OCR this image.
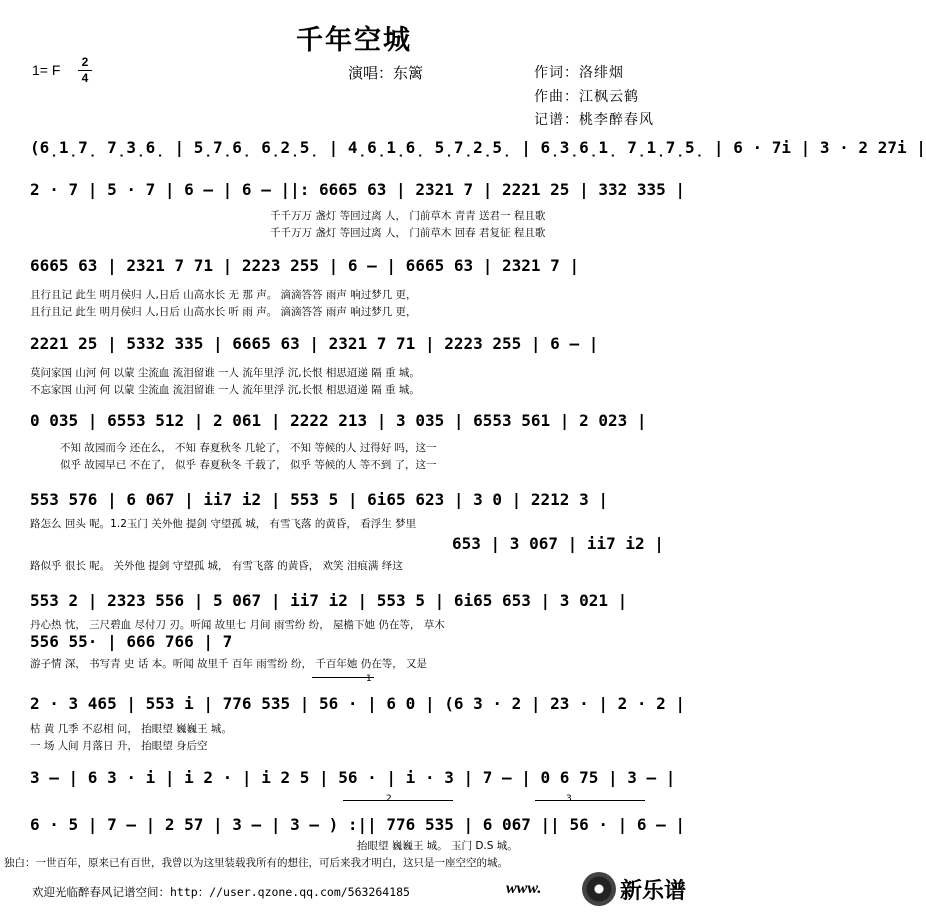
千年空城
1= F	2
4	演唱：东篱	作词：洛绯烟
作曲：江枫云鹤
记谱：桃李醉春风
(6̣1̣7̣ 7̣3̣6̣ | 5̣7̣6̣ 6̣2̣5̣ | 4̣6̣1̣6̣ 5̣7̣2̣5̣ | 6̣3̣6̣1̣ 7̣1̣7̣5̣ | 6 · 7i | 3 · 2 27i |
2 · 7 | 5 · 7 | 6 — | 6 — ||: 6665 63 | 2321 7 | 2221 25 | 332 335 |
千千万万 盏灯 等回过离 人， 门前草木 青青 送君一 程且歌
千千万万 盏灯 等回过离 人， 门前草木 回春 君复征 程且歌
6665 63 | 2321 7 71 | 2223 255 | 6 — | 6665 63 | 2321 7 |
且行且记 此生 明月侯归 人,日后 山高水长 无 那 声。 滴滴答答 雨声 响过梦几 更，
且行且记 此生 明月侯归 人,日后 山高水长 听 雨 声。 滴滴答答 雨声 响过梦几 更，
2221 25 | 5332 335 | 6665 63 | 2321 7 71 | 2223 255 | 6 — |
莫问家国 山河 何 以蒙 尘流血 流泪留谁 一人 流年里浮 沉,长恨 相思迢递 隔 重 城。
不忘家国 山河 何 以蒙 尘流血 流泪留谁 一人 流年里浮 沉,长恨 相思迢递 隔 重 城。
0 035 | 6553 512 | 2 061 | 2222 213 | 3 035 | 6553 561 | 2 023 |
不知 故园而今 还在么， 不知 春夏秋冬 几轮了， 不知 等候的人 过得好 吗，这一
似乎 故园早已 不在了， 似乎 春夏秋冬 千载了， 似乎 等候的人 等不到 了，这一
553 576 | 6 067 | ii7 i2 | 553 5 | 6i65 623 | 3 0 | 2212 3 |
路怎么 回头 呢。1.2玉门 关外他 提剑 守望孤 城， 有雪飞落 的黄昏， 看浮生 梦里
653 | 3 067 | ii7 i2 |
路似乎 很长 呢。 关外他 提剑 守望孤 城， 有雪飞落 的黄昏， 欢笑 泪痕满 绎这
553 2 | 2323 556 | 5 067 | ii7 i2 | 553 5 | 6i65 653 | 3 021 |
丹心热 忱， 三尺碧血 尽付刀 刃。听闻 故里七 月间 雨雪纷 纷， 屋檐下她 仍在等， 草木
556 55· | 666 766 | 7
游子情 深， 书写青 史 话 本。听闻 故里千 百年 雨雪纷 纷， 千百年她 仍在等， 又是
2 · 3 465 | 553 i | 776 535 | 56 · | 6 0 | (6 3 · 2 | 23 · | 2 · 2 |
枯 黄 几季 不忍相 问， 抬眼望 巍巍王 城。
一 场 人间 月落日 升， 抬眼望 身后空
3 — | 6 3 · i | i 2 · | i 2 5 | 56 · | i · 3 | 7 — | 0 6 75 | 3 — |
6 · 5 | 7 — | 2 57 | 3 — | 3 — ) :|| 776 535 | 6 067 || 56 · | 6 — |
抬眼望 巍巍王 城。 玉门 D.S 城。
1
2	3
独白：一世百年，原来已有百世，我曾以为这里装载我所有的想往，可后来我才明白，这只是一座空空的城。
欢迎光临醉春风记谱空间：http：//user.qzone.qq.com/563264185	www.	新乐谱
